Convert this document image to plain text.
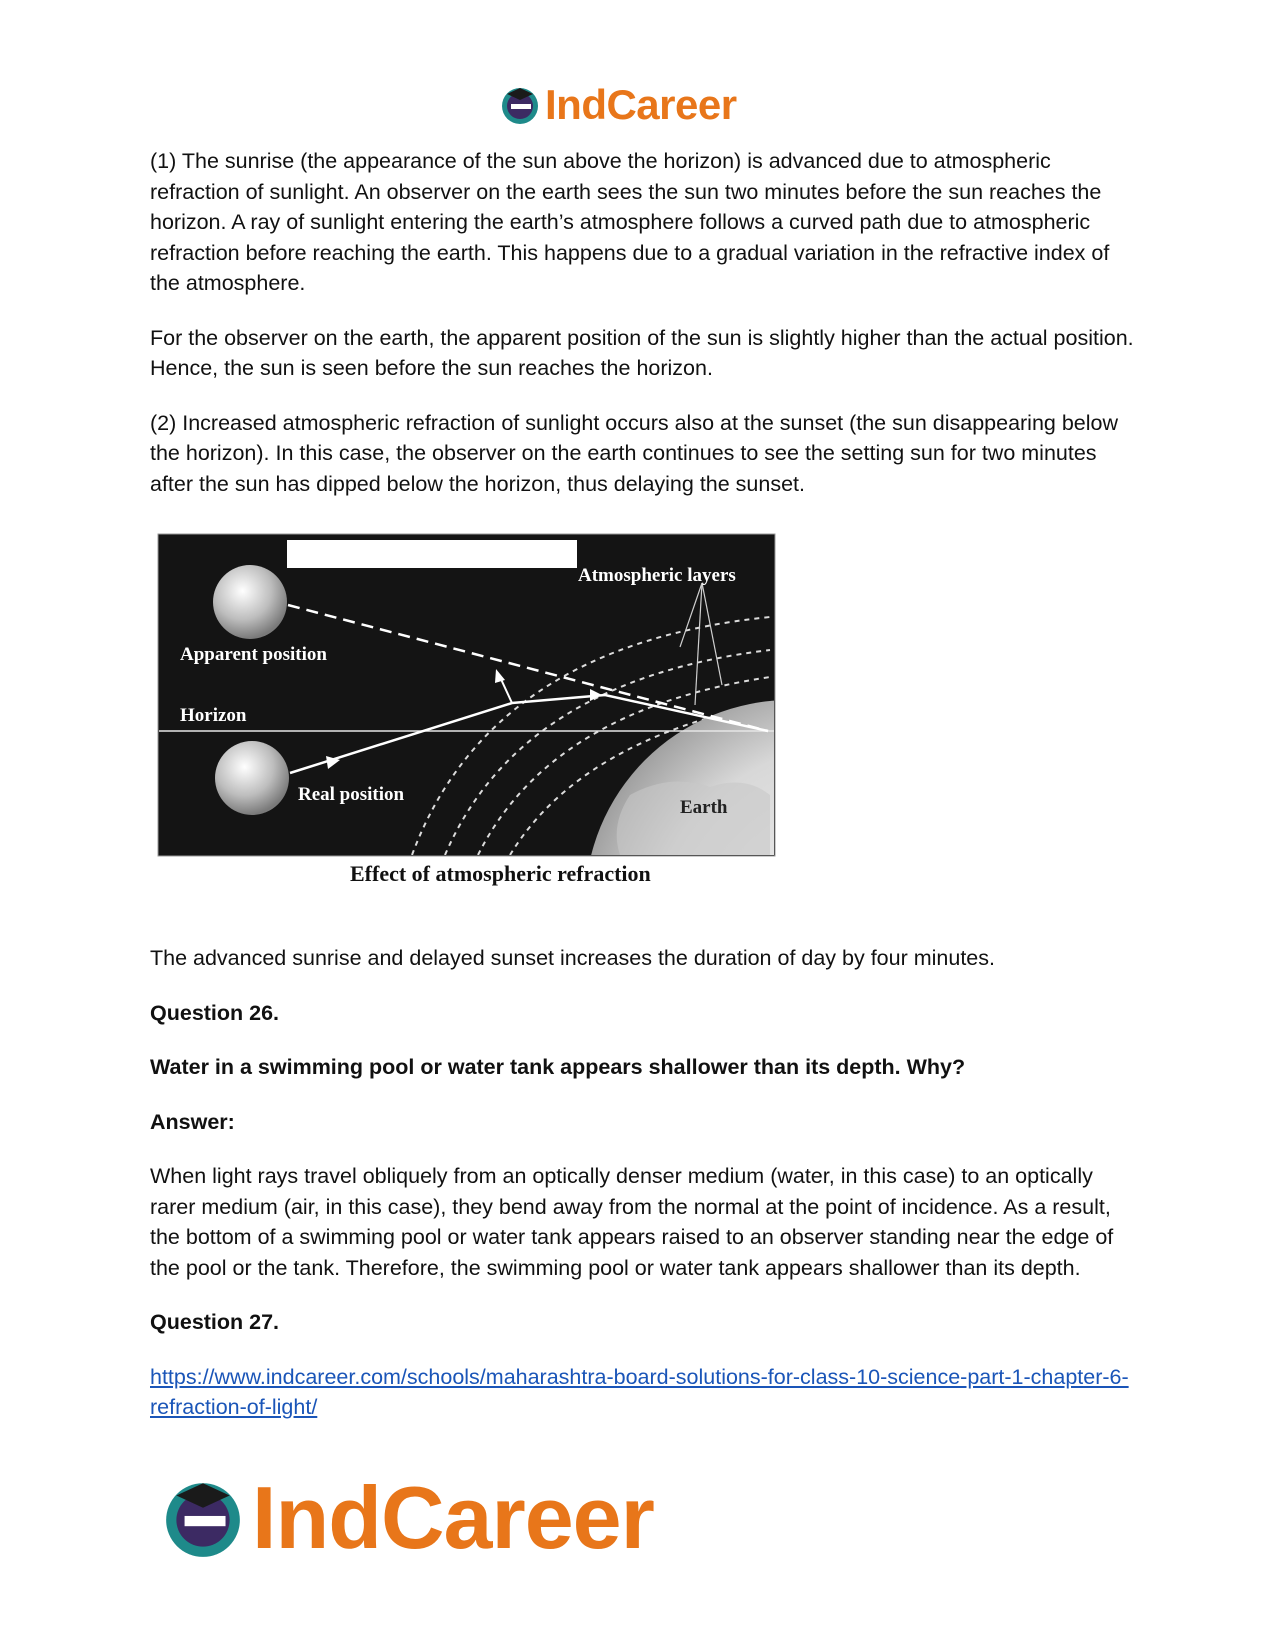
IndCareer

(1) The sunrise (the appearance of the sun above the horizon) is advanced due to atmospheric refraction of sunlight. An observer on the earth sees the sun two minutes before the sun reaches the horizon. A ray of sunlight entering the earth’s atmosphere follows a curved path due to atmospheric refraction before reaching the earth. This happens due to a gradual variation in the refractive index of the atmosphere.

For the observer on the earth, the apparent position of the sun is slightly higher than the actual position. Hence, the sun is seen before the sun reaches the horizon.

(2) Increased atmospheric refraction of sunlight occurs also at the sunset (the sun disappearing below the horizon). In this case, the observer on the earth continues to see the setting sun for two minutes after the sun has dipped below the horizon, thus delaying the sunset.

Atmospheric layers
Apparent position
Horizon
Real position
Earth
Effect of atmospheric refraction

The advanced sunrise and delayed sunset increases the duration of day by four minutes.

Question 26.

Water in a swimming pool or water tank appears shallower than its depth. Why?

Answer:

When light rays travel obliquely from an optically denser medium (water, in this case) to an optically rarer medium (air, in this case), they bend away from the normal at the point of incidence. As a result, the bottom of a swimming pool or water tank appears raised to an observer standing near the edge of the pool or the tank. Therefore, the swimming pool or water tank appears shallower than its depth.

Question 27.

https://www.indcareer.com/schools/maharashtra-board-solutions-for-class-10-science-part-1-chapter-6-refraction-of-light/
IndCareer
